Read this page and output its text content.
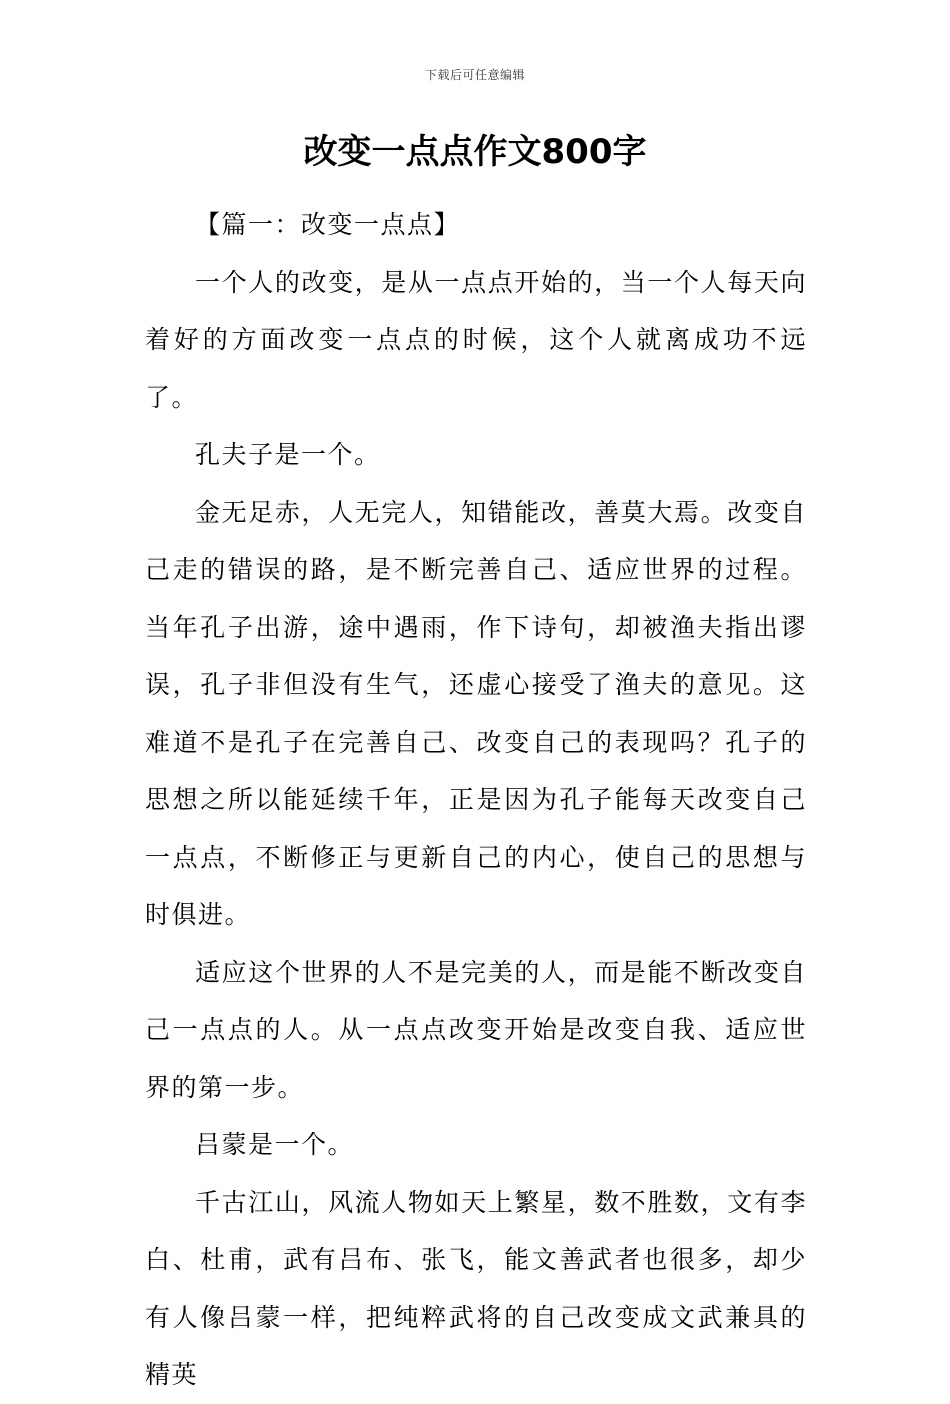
下载后可任意编辑
改变一点点作文800字

【篇一：改变一点点】

一个人的改变，是从一点点开始的，当一个人每天向着好的方面改变一点点的时候，这个人就离成功不远了。

孔夫子是一个。

金无足赤，人无完人，知错能改，善莫大焉。改变自己走的错误的路，是不断完善自己、适应世界的过程。当年孔子出游，途中遇雨，作下诗句，却被渔夫指出谬误，孔子非但没有生气，还虚心接受了渔夫的意见。这难道不是孔子在完善自己、改变自己的表现吗？孔子的思想之所以能延续千年，正是因为孔子能每天改变自己一点点，不断修正与更新自己的内心，使自己的思想与时俱进。

适应这个世界的人不是完美的人，而是能不断改变自己一点点的人。从一点点改变开始是改变自我、适应世界的第一步。

吕蒙是一个。

千古江山，风流人物如天上繁星，数不胜数，文有李白、杜甫，武有吕布、张飞，能文善武者也很多，却少有人像吕蒙一样，把纯粹武将的自己改变成文武兼具的精英
